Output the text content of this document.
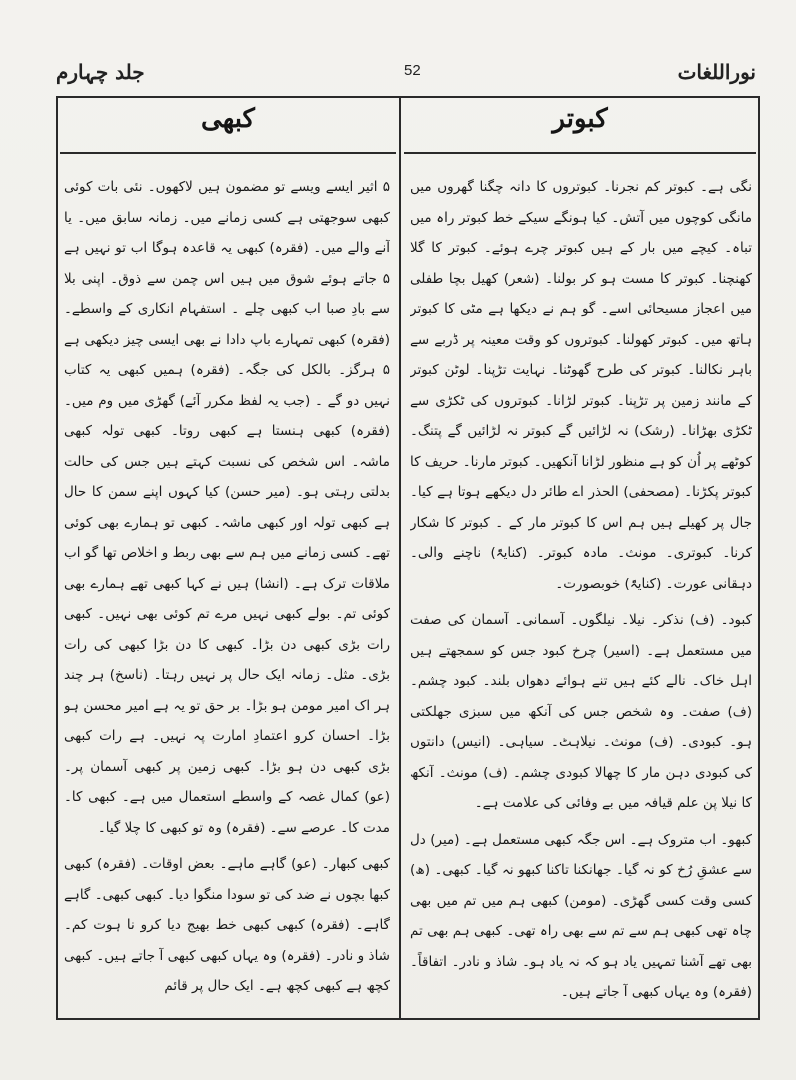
جلد چہارم	52	نوراللغات
کبھی	کبوتر

۵ اثیر ایسے ویسے تو مضمون ہیں لاکھوں۔ نئی بات کوئی کبھی سوجھتی ہے کسی زمانے میں۔ زمانہ سابق میں۔ یا آنے والے میں۔ (فقرہ) کبھی یہ قاعدہ ہوگا اب تو نہیں ہے ۵ جاتے ہوئے شوق میں ہیں اس چمن سے ذوق۔ اپنی بلا سے بادِ صبا اب کبھی چلے ۔ استفہام انکاری کے واسطے۔ (فقرہ) کبھی تمہارے باپ دادا نے بھی ایسی چیز دیکھی ہے ۵ ہرگز۔ بالکل کی جگہ۔ (فقرہ) ہمیں کبھی یہ کتاب نہیں دو گے ۔ (جب یہ لفظ مکرر آئے) گھڑی میں وم میں۔ (فقرہ) کبھی ہنستا ہے کبھی روتا۔ کبھی تولہ کبھی ماشہ۔ اس شخص کی نسبت کہتے ہیں جس کی حالت بدلتی رہتی ہو۔ (میر حسن) کیا کہوں اپنے سمن کا حال ہے کبھی تولہ اور کبھی ماشہ۔ کبھی تو ہمارے بھی کوئی تھے۔ کسی زمانے میں ہم سے بھی ربط و اخلاص تھا گو اب ملاقات ترک ہے۔ (انشا) ہیں نے کہا کبھی تھے ہمارے بھی کوئی تم۔ بولے کبھی نہیں مرے تم کوئی بھی نہیں۔ کبھی رات بڑی کبھی دن بڑا۔ کبھی کا دن بڑا کبھی کی رات بڑی۔ مثل۔ زمانہ ایک حال پر نہیں رہتا۔ (ناسخ) ہر چند ہر اک امیر مومن ہو بڑا۔ بر حق تو یہ ہے امیر محسن ہو بڑا۔ احسان کرو اعتمادِ امارت پہ نہیں۔ ہے رات کبھی بڑی کبھی دن ہو بڑا۔ کبھی زمین پر کبھی آسمان پر۔ (عو) کمال غصہ کے واسطے استعمال میں ہے۔ کبھی کا۔ مدت کا۔ عرصے سے۔ (فقرہ) وہ تو کبھی کا چلا گیا۔

کبھی کبھار۔ (عو) گاہے ماہے۔ بعض اوقات۔ (فقرہ) کبھی کبھا بچوں نے ضد کی تو سودا منگوا دیا۔ کبھی کبھی۔ گاہے گاہے۔ (فقرہ) کبھی کبھی خط بھیج دیا کرو نا ہوت کم۔ شاذ و نادر۔ (فقرہ) وہ یہاں کبھی کبھی آ جاتے ہیں۔ کبھی کچھ ہے کبھی کچھ ہے۔ ایک حال پر قائم

نگی ہے۔ کبوتر کم نجرنا۔ کبوتروں کا دانہ چگنا گھروں میں مانگی کوچوں میں آتش۔ کیا ہونگے سیکے خط کبوتر راہ میں تباہ۔ کیچے میں بار کے ہیں کبوتر چرے ہوئے۔ کبوتر کا گلا کھنچنا۔ کبوتر کا مست ہو کر بولنا۔ (شعر) کھیل بچا طفلی میں اعجاز مسیحائی اسے۔ گو ہم نے دیکھا ہے مٹی کا کبوتر ہاتھ میں۔ کبوتر کھولنا۔ کبوتروں کو وقت معینہ پر ڈربے سے باہر نکالنا۔ کبوتر کی طرح گھوٹنا۔ نہایت تڑپنا۔ لوٹن کبوتر کے مانند زمین پر تڑپنا۔ کبوتر لڑانا۔ کبوتروں کی ٹکڑی سے ٹکڑی بھڑانا۔ (رشک) نہ لڑائیں گے کبوتر نہ لڑائیں گے پتنگ۔ کوٹھے پر اُن کو ہے منظور لڑانا آنکھیں۔ کبوتر مارنا۔ حریف کا کبوتر پکڑنا۔ (مصحفی) الحذر اے طائر دل دیکھے ہوتا ہے کیا۔ جال پر کھیلے ہیں ہم اس کا کبوتر مار کے ۔ کبوتر کا شکار کرنا۔ کبوتری۔ مونث۔ مادہ کبوتر۔ (کنایۃً) ناچنے والی۔ دہقانی عورت۔ (کنایۃً) خوبصورت۔

کبود۔ (ف) نذکر۔ نیلا۔ نیلگوں۔ آسمانی۔ آسمان کی صفت میں مستعمل ہے۔ (اسیر) چرخ کبود جس کو سمجھتے ہیں اہل خاک۔ نالے کئے ہیں تنے ہوائے دھواں بلند۔ کبود چشم۔ (ف) صفت۔ وہ شخص جس کی آنکھ میں سبزی جھلکتی ہو۔ کبودی۔ (ف) مونث۔ نیلاہٹ۔ سیاہی۔ (انیس) دانتوں کی کبودی دہن مار کا چھالا کبودی چشم۔ (ف) مونث۔ آنکھ کا نیلا پن علم قیافہ میں بے وفائی کی علامت ہے۔

کبھو۔ اب متروک ہے۔ اس جگہ کبھی مستعمل ہے۔ (میر) دل سے عشقِ رُخ کو نہ گیا۔ جھانکنا تاکنا کبھو نہ گیا۔ کبھی۔ (ھ) کسی وقت کسی گھڑی۔ (مومن) کبھی ہم میں تم میں بھی چاہ تھی کبھی ہم سے تم سے بھی راہ تھی۔ کبھی ہم بھی تم بھی تھے آشنا تمہیں یاد ہو کہ نہ یاد ہو۔ شاذ و نادر۔ اتفاقاً۔ (فقرہ) وہ یہاں کبھی آ جاتے ہیں۔
